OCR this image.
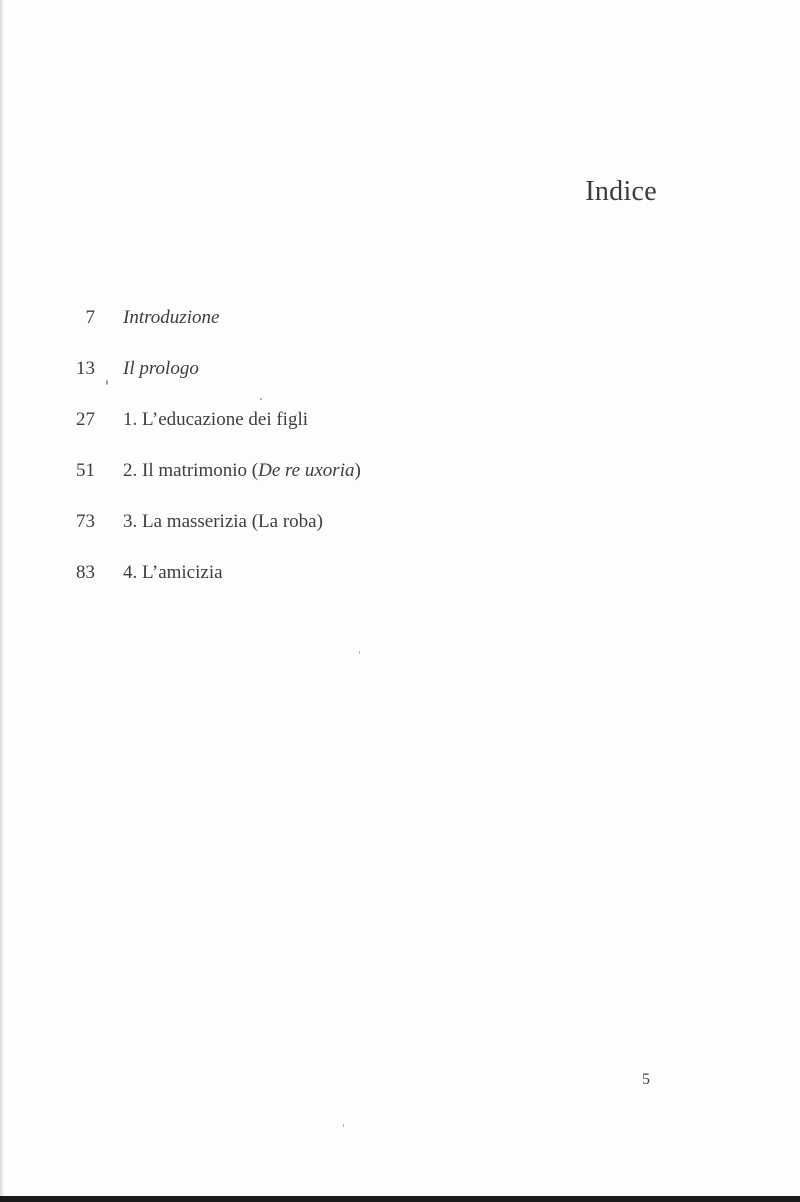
Indice
7 Introduzione
13 Il prologo
27 1. L’educazione dei figli
51 2. Il matrimonio (De re uxoria)
73 3. La masserizia (La roba)
83 4. L’amicizia
5
